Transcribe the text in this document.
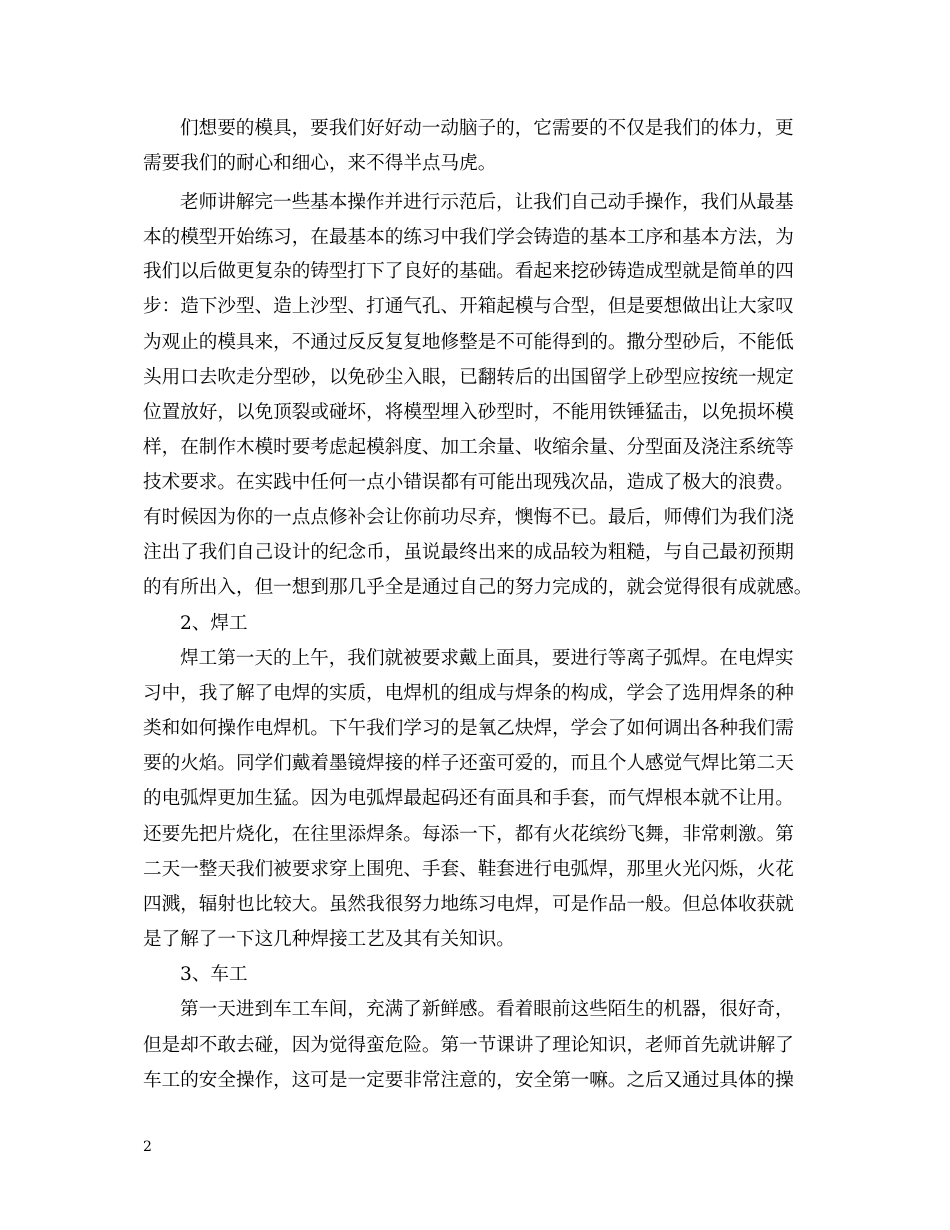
们想要的模具，要我们好好动一动脑子的，它需要的不仅是我们的体力，更
需要我们的耐心和细心，来不得半点马虎。
老师讲解完一些基本操作并进行示范后，让我们自己动手操作，我们从最基
本的模型开始练习，在最基本的练习中我们学会铸造的基本工序和基本方法，为
我们以后做更复杂的铸型打下了良好的基础。看起来挖砂铸造成型就是简单的四
步：造下沙型、造上沙型、打通气孔、开箱起模与合型，但是要想做出让大家叹
为观止的模具来，不通过反反复复地修整是不可能得到的。撒分型砂后，不能低
头用口去吹走分型砂，以免砂尘入眼，已翻转后的出国留学上砂型应按统一规定
位置放好，以免顶裂或碰坏，将模型埋入砂型时，不能用铁锤猛击，以免损坏模
样，在制作木模时要考虑起模斜度、加工余量、收缩余量、分型面及浇注系统等
技术要求。在实践中任何一点小错误都有可能出现残次品，造成了极大的浪费。
有时候因为你的一点点修补会让你前功尽弃，懊悔不已。最后，师傅们为我们浇
注出了我们自己设计的纪念币，虽说最终出来的成品较为粗糙，与自己最初预期
的有所出入，但一想到那几乎全是通过自己的努力完成的，就会觉得很有成就感。
2、焊工
焊工第一天的上午，我们就被要求戴上面具，要进行等离子弧焊。在电焊实
习中，我了解了电焊的实质，电焊机的组成与焊条的构成，学会了选用焊条的种
类和如何操作电焊机。下午我们学习的是氧乙炔焊，学会了如何调出各种我们需
要的火焰。同学们戴着墨镜焊接的样子还蛮可爱的，而且个人感觉气焊比第二天
的电弧焊更加生猛。因为电弧焊最起码还有面具和手套，而气焊根本就不让用。
还要先把片烧化，在往里添焊条。每添一下，都有火花缤纷飞舞，非常刺激。第
二天一整天我们被要求穿上围兜、手套、鞋套进行电弧焊，那里火光闪烁，火花
四溅，辐射也比较大。虽然我很努力地练习电焊，可是作品一般。但总体收获就
是了解了一下这几种焊接工艺及其有关知识。
3、车工
第一天进到车工车间，充满了新鲜感。看着眼前这些陌生的机器，很好奇，
但是却不敢去碰，因为觉得蛮危险。第一节课讲了理论知识，老师首先就讲解了
车工的安全操作，这可是一定要非常注意的，安全第一嘛。之后又通过具体的操
2
